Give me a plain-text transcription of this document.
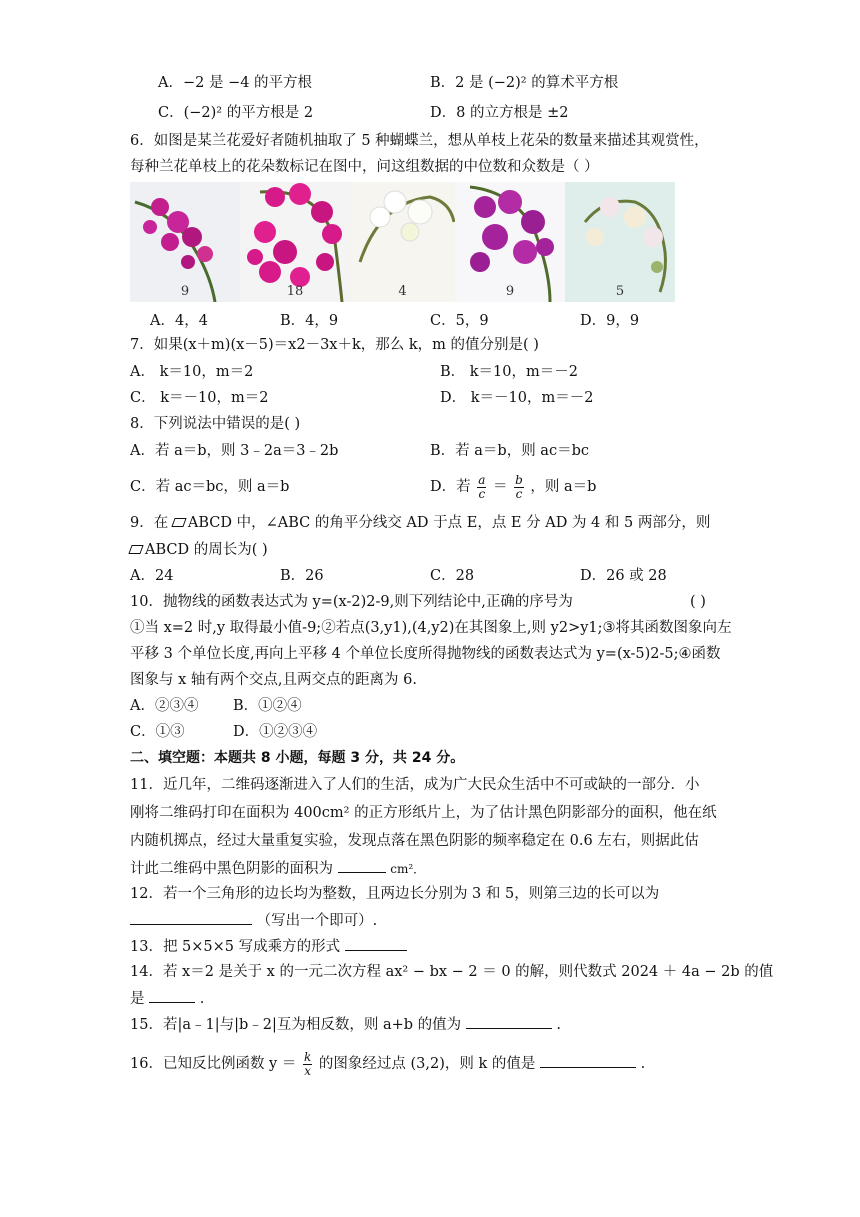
A．−2 是 −4 的平方根	B．2 是 (−2)² 的算术平方根
C．(−2)² 的平方根是 2	D．8 的立方根是 ±2
6．如图是某兰花爱好者随机抽取了 5 种蝴蝶兰，想从单枝上花朵的数量来描述其观赏性，
每种兰花单枝上的花朵数标记在图中，问这组数据的中位数和众数是（ ）
9	18	4	9	5
A．4，4	B．4，9	C．5，9	D．9，9
7．如果(x＋m)(x－5)＝x2－3x＋k，那么 k，m 的值分别是( )
A． k＝10，m＝2	B． k＝10，m＝－2
C． k＝－10，m＝2	D． k＝－10，m＝－2
8．下列说法中错误的是( )
A．若 a＝b，则 3﹣2a＝3﹣2b	B．若 a＝b，则 ac＝bc
C．若 ac＝bc，则 a＝b	D．若 $\frac{a}{c} = \frac{b}{c}$ ，则 a＝b
9．在 ABCD 中，∠ABC 的角平分线交 AD 于点 E，点 E 分 AD 为 4 和 5 两部分，则
ABCD 的周长为( )
A．24	B．26	C．28	D．26 或 28
10．抛物线的函数表达式为 y=(x-2)2-9,则下列结论中,正确的序号为	( )
①当 x=2 时,y 取得最小值-9;②若点(3,y1),(4,y2)在其图象上,则 y2>y1;③将其函数图象向左
平移 3 个单位长度,再向上平移 4 个单位长度所得抛物线的函数表达式为 y=(x-5)2-5;④函数
图象与 x 轴有两个交点,且两交点的距离为 6.
A．②③④ B．①②④
C．①③	D．①②③④
二、填空题：本题共 8 小题，每题 3 分，共 24 分。
11．近几年，二维码逐渐进入了人们的生活，成为广大民众生活中不可或缺的一部分．小
刚将二维码打印在面积为 400cm² 的正方形纸片上，为了估计黑色阴影部分的面积，他在纸
内随机掷点，经过大量重复实验，发现点落在黑色阴影的频率稳定在 0.6 左右，则据此估
计此二维码中黑色阴影的面积为	cm²．
12．若一个三角形的边长均为整数，且两边长分别为 3 和 5，则第三边的长可以为
（写出一个即可）.
13．把 5×5×5 写成乘方的形式
14．若 x＝2 是关于 x 的一元二次方程 ax² − bx − 2 ＝ 0 的解，则代数式 2024 ＋ 4a − 2b 的值
是	.
15．若|a﹣1|与|b﹣2|互为相反数，则 a+b 的值为	.
16．已知反比例函数 $y = \frac{k}{x}$ 的图象经过点 (3,2)，则 k 的值是	.
